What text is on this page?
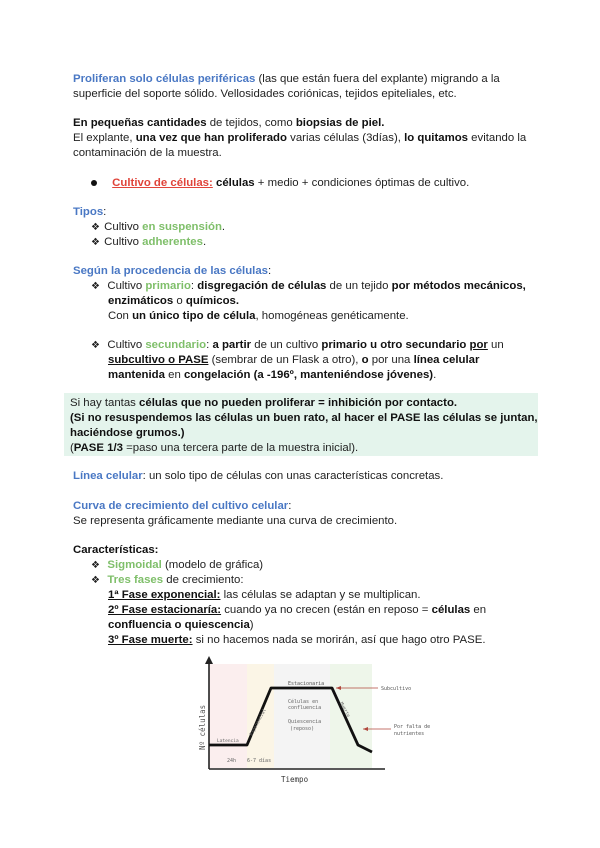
Proliferan solo células periféricas (las que están fuera del explante) migrando a la
superficie del soporte sólido. Vellosidades coriónicas, tejidos epiteliales, etc.
En pequeñas cantidades de tejidos, como biopsias de piel.
El explante, una vez que han proliferado varias células (3días), lo quitamos evitando la
contaminación de la muestra.
Cultivo de células: células + medio + condiciones óptimas de cultivo.
Tipos:
❖ Cultivo en suspensión.
❖ Cultivo adherentes.
Según la procedencia de las células:
❖ Cultivo primario: disgregación de células de un tejido por métodos mecánicos,
enzimáticos o químicos.
Con un único tipo de célula, homogéneas genéticamente.
❖ Cultivo secundario: a partir de un cultivo primario u otro secundario por un
subcultivo o PASE (sembrar de un Flask a otro), o por una línea celular
mantenida en congelación (a -196º, manteniéndose jóvenes).
Si hay tantas células que no pueden proliferar = inhibición por contacto.
(Si no resuspendemos las células un buen rato, al hacer el PASE las células se juntan,
haciéndose grumos.)
(PASE 1/3 =paso una tercera parte de la muestra inicial).
Línea celular: un solo tipo de células con unas características concretas.
Curva de crecimiento del cultivo celular:
Se representa gráficamente mediante una curva de crecimiento.
Características:
❖ Sigmoidal (modelo de gráfica)
❖ Tres fases de crecimiento:
1ª Fase exponencial: las células se adaptan y se multiplican.
2º Fase estacionaría: cuando ya no crecen (están en reposo = células en
confluencia o quiescencia)
3º Fase muerte: si no hacemos nada se morirán, así que hago otro PASE.
Nº células
Tiempo
Latencia
Exponencial
Estacionaria
Células en
confluencia
Quiescencia
(reposo)
Muerte
Subcultivo
Por falta de
nutrientes
24h 6-7 días
